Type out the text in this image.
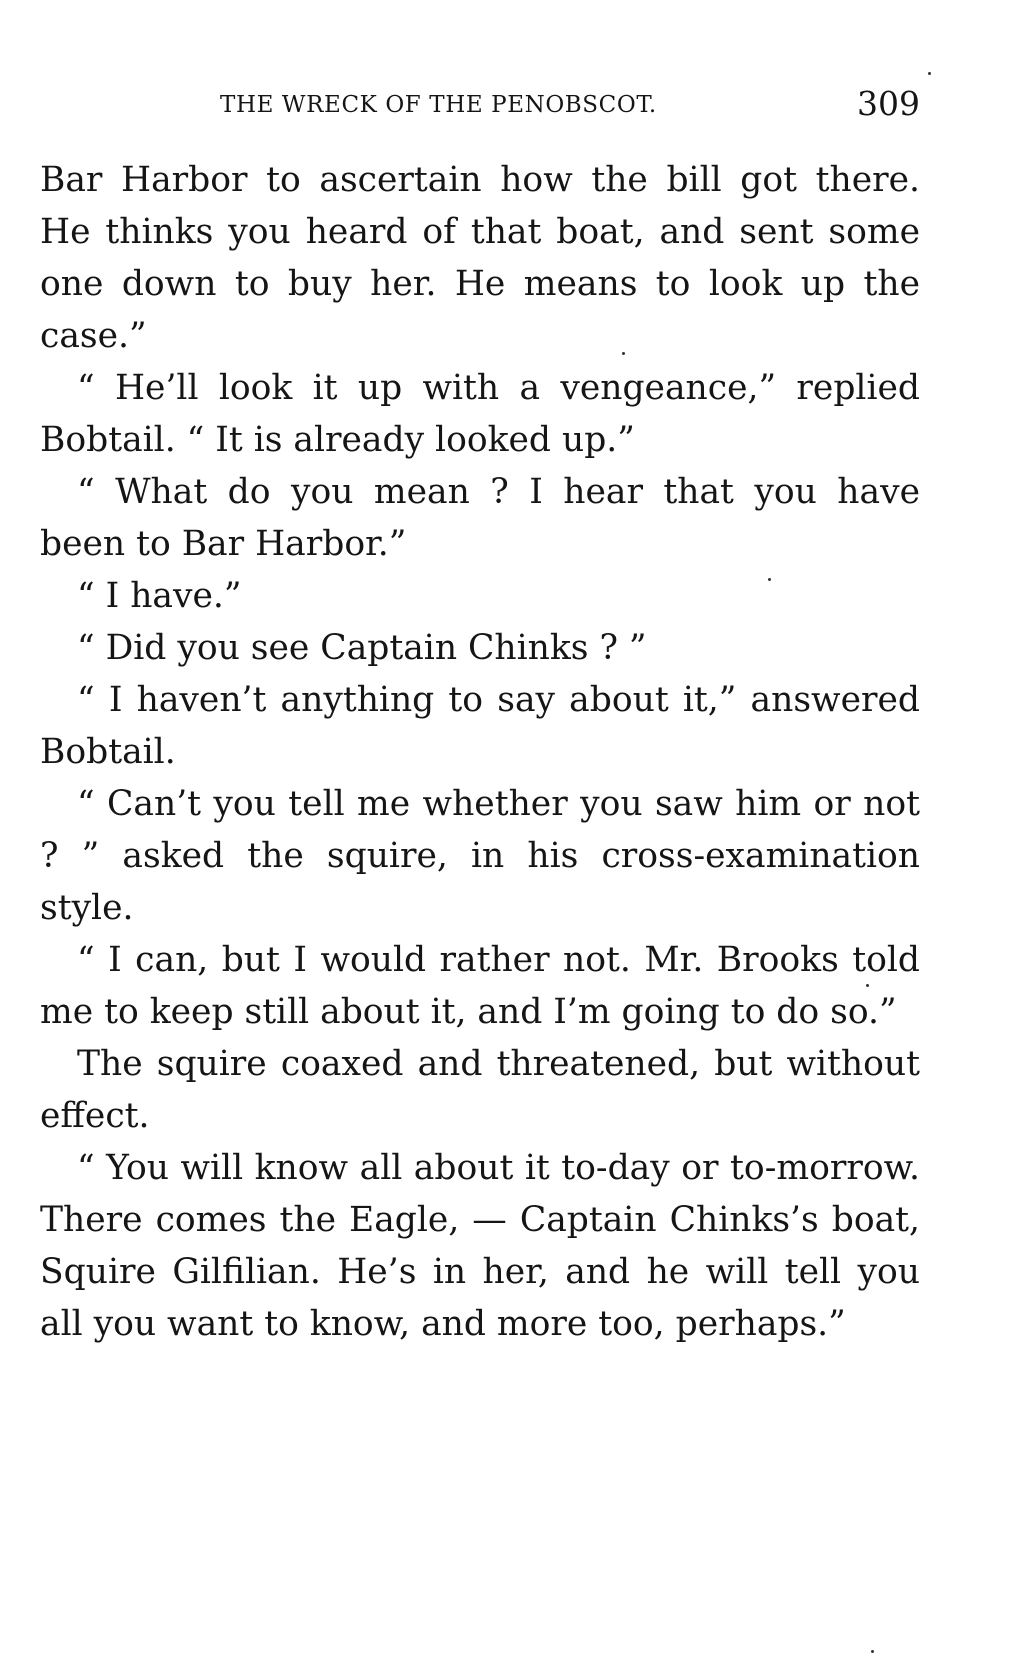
THE WRECK OF THE PENOBSCOT.	309

Bar Harbor to ascertain how the bill got there. He thinks you heard of that boat, and sent some one down to buy her. He means to look up the case.”

“ He’ll look it up with a vengeance,” replied Bobtail. “ It is already looked up.”

“ What do you mean ? I hear that you have been to Bar Harbor.”

“ I have.”

“ Did you see Captain Chinks ? ”

“ I haven’t anything to say about it,” answered Bobtail.

“ Can’t you tell me whether you saw him or not ? ” asked the squire, in his cross-examination style.

“ I can, but I would rather not. Mr. Brooks told me to keep still about it, and I’m going to do so.”

The squire coaxed and threatened, but without effect.

“ You will know all about it to-day or to-morrow. There comes the Eagle, — Captain Chinks’s boat, Squire Gilfilian. He’s in her, and he will tell you all you want to know, and more too, perhaps.”
